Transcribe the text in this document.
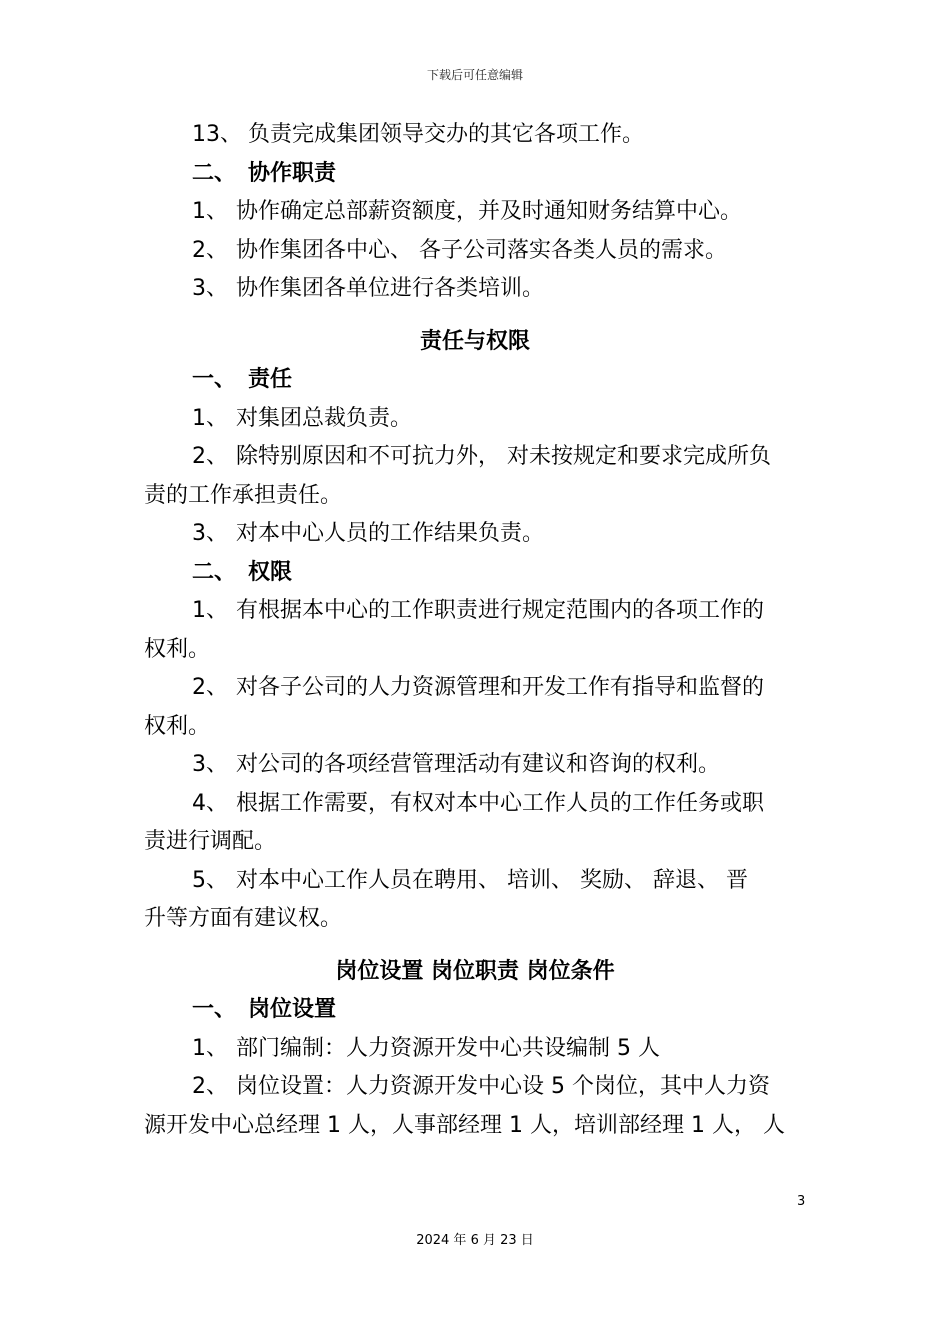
下载后可任意编辑

13、 负责完成集团领导交办的其它各项工作。

二、 协作职责

1、 协作确定总部薪资额度，并及时通知财务结算中心。

2、 协作集团各中心、 各子公司落实各类人员的需求。

3、 协作集团各单位进行各类培训。

责任与权限

一、 责任

1、 对集团总裁负责。

2、 除特别原因和不可抗力外， 对未按规定和要求完成所负

责的工作承担责任。

3、 对本中心人员的工作结果负责。

二、 权限

1、 有根据本中心的工作职责进行规定范围内的各项工作的

权利。

2、 对各子公司的人力资源管理和开发工作有指导和监督的

权利。

3、 对公司的各项经营管理活动有建议和咨询的权利。

4、 根据工作需要，有权对本中心工作人员的工作任务或职

责进行调配。

5、 对本中心工作人员在聘用、 培训、 奖励、 辞退、 晋

升等方面有建议权。

岗位设置 岗位职责 岗位条件

一、 岗位设置

1、 部门编制：人力资源开发中心共设编制 5 人

2、 岗位设置：人力资源开发中心设 5 个岗位，其中人力资

源开发中心总经理 1 人，人事部经理 1 人，培训部经理 1 人， 人

3
2024 年 6 月 23 日
